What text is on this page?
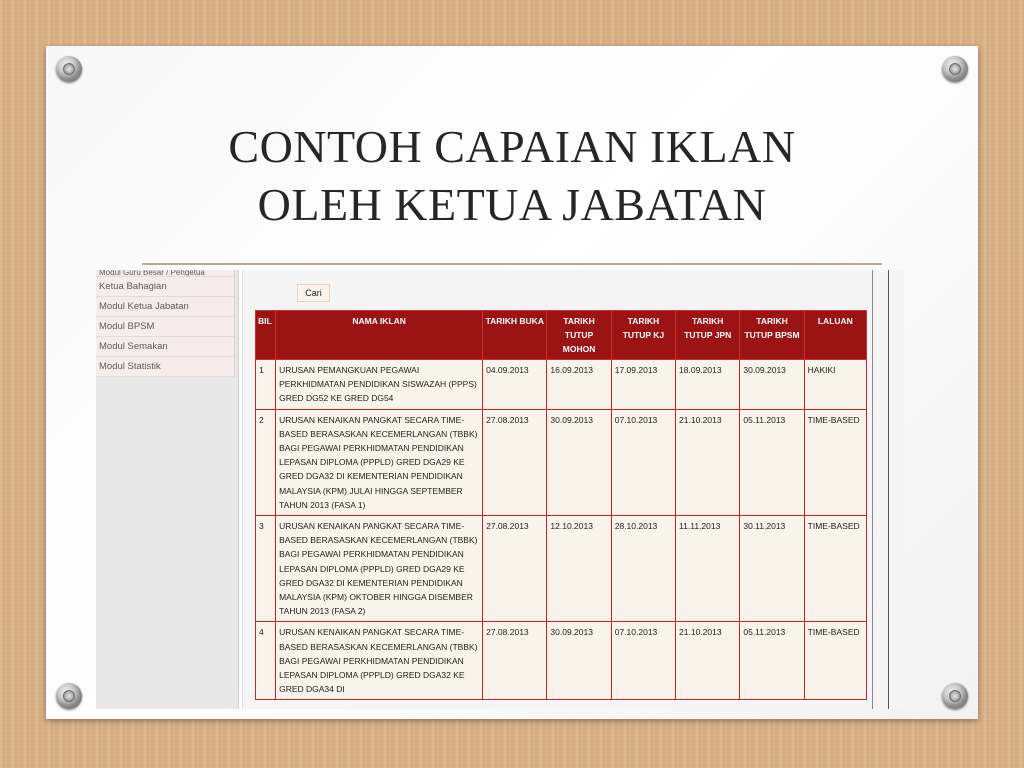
CONTOH CAPAIAN IKLAN
OLEH KETUA JABATAN
Modul Guru Besar / Pengetua
Ketua Bahagian
Modul Ketua Jabatan
Modul BPSM
Modul Semakan
Modul Statistik
Cari
BIL	NAMA IKLAN	TARIKH BUKA	TARIKH TUTUP MOHON	TARIKH TUTUP KJ	TARIKH TUTUP JPN	TARIKH TUTUP BPSM	LALUAN
1	URUSAN PEMANGKUAN PEGAWAI PERKHIDMATAN PENDIDIKAN SISWAZAH (PPPS) GRED DG52 KE GRED DG54	04.09.2013	16.09.2013	17.09.2013	18.09.2013	30.09.2013	HAKIKI
2	URUSAN KENAIKAN PANGKAT SECARA TIME-BASED BERASASKAN KECEMERLANGAN (TBBK) BAGI PEGAWAI PERKHIDMATAN PENDIDIKAN LEPASAN DIPLOMA (PPPLD) GRED DGA29 KE GRED DGA32 DI KEMENTERIAN PENDIDIKAN MALAYSIA (KPM) JULAI HINGGA SEPTEMBER TAHUN 2013 (FASA 1)	27.08.2013	30.09.2013	07.10.2013	21.10.2013	05.11.2013	TIME-BASED
3	URUSAN KENAIKAN PANGKAT SECARA TIME-BASED BERASASKAN KECEMERLANGAN (TBBK) BAGI PEGAWAI PERKHIDMATAN PENDIDIKAN LEPASAN DIPLOMA (PPPLD) GRED DGA29 KE GRED DGA32 DI KEMENTERIAN PENDIDIKAN MALAYSIA (KPM) OKTOBER HINGGA DISEMBER TAHUN 2013 (FASA 2)	27.08.2013	12.10.2013	28.10.2013	11.11.2013	30.11.2013	TIME-BASED
4	URUSAN KENAIKAN PANGKAT SECARA TIME-BASED BERASASKAN KECEMERLANGAN (TBBK) BAGI PEGAWAI PERKHIDMATAN PENDIDIKAN LEPASAN DIPLOMA (PPPLD) GRED DGA32 KE GRED DGA34 DI	27.08.2013	30.09.2013	07.10.2013	21.10.2013	05.11.2013	TIME-BASED
